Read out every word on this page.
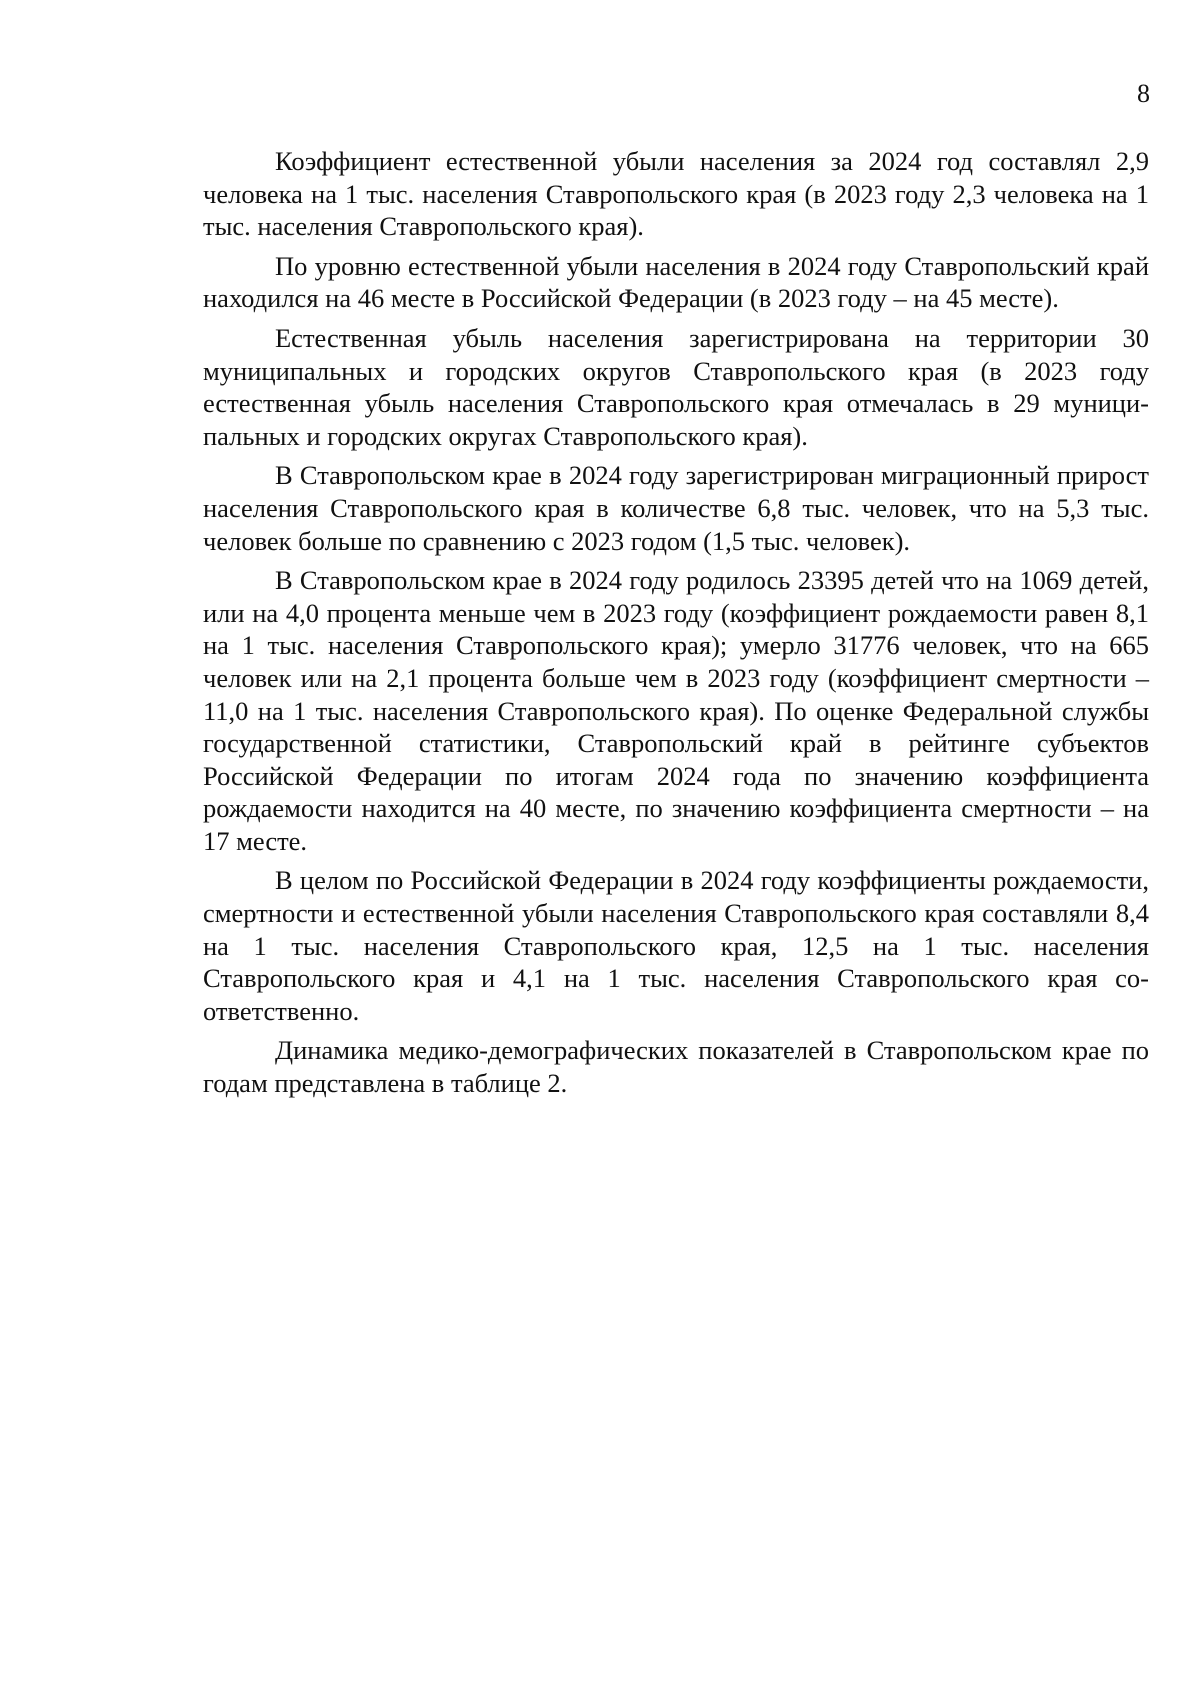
8

Коэффициент естественной убыли населения за 2024 год составлял 2,9 человека на 1 тыс. населения Ставропольского края (в 2023 году 2,3 человека на 1 тыс. населения Ставропольского края).

По уровню естественной убыли населения в 2024 году Ставропольский край находился на 46 месте в Российской Федерации (в 2023 году – на 45 месте).

Естественная убыль населения зарегистрирована на территории 30 муниципальных и городских округов Ставропольского края (в 2023 году естественная убыль населения Ставропольского края отмечалась в 29 муниципальных и городских округах Ставропольского края).

В Ставропольском крае в 2024 году зарегистрирован миграционный прирост населения Ставропольского края в количестве 6,8 тыс. человек, что на 5,3 тыс. человек больше по сравнению с 2023 годом (1,5 тыс. человек).

В Ставропольском крае в 2024 году родилось 23395 детей что на 1069 детей, или на 4,0 процента меньше чем в 2023 году (коэффициент рождаемости равен 8,1 на 1 тыс. населения Ставропольского края); умерло 31776 человек, что на 665 человек или на 2,1 процента больше чем в 2023 году (коэффициент смертности – 11,0 на 1 тыс. населения Ставропольского края). По оценке Федеральной службы государственной статистики, Ставропольский край в рейтинге субъектов Российской Федерации по итогам 2024 года по значению коэффициента рождаемости находится на 40 месте, по значению коэффициента смертности – на 17 месте.

В целом по Российской Федерации в 2024 году коэффициенты рождаемости, смертности и естественной убыли населения Ставропольского края составляли 8,4 на 1 тыс. населения Ставропольского края, 12,5 на 1 тыс. населения Ставропольского края и 4,1 на 1 тыс. населения Ставропольского края соответственно.

Динамика медико-демографических показателей в Ставропольском крае по годам представлена в таблице 2.
